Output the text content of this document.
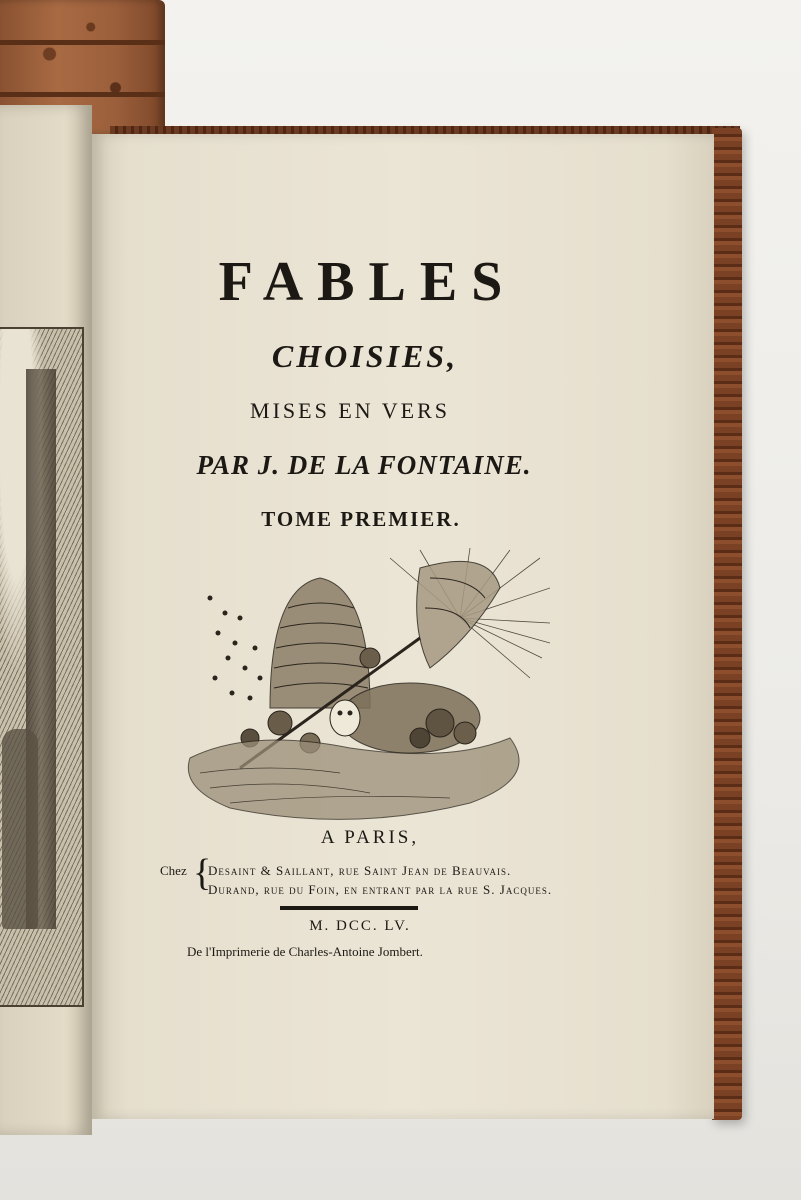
FABLES
CHOISIES,
MISES EN VERS
PAR J. DE LA FONTAINE.
TOME PREMIER.
A PARIS,
Chez {
Desaint & Saillant, rue Saint Jean de Beauvais.
Durand, rue du Foin, en entrant par la rue S. Jacques.
M. DCC. LV.
De l'Imprimerie de Charles-Antoine Jombert.
